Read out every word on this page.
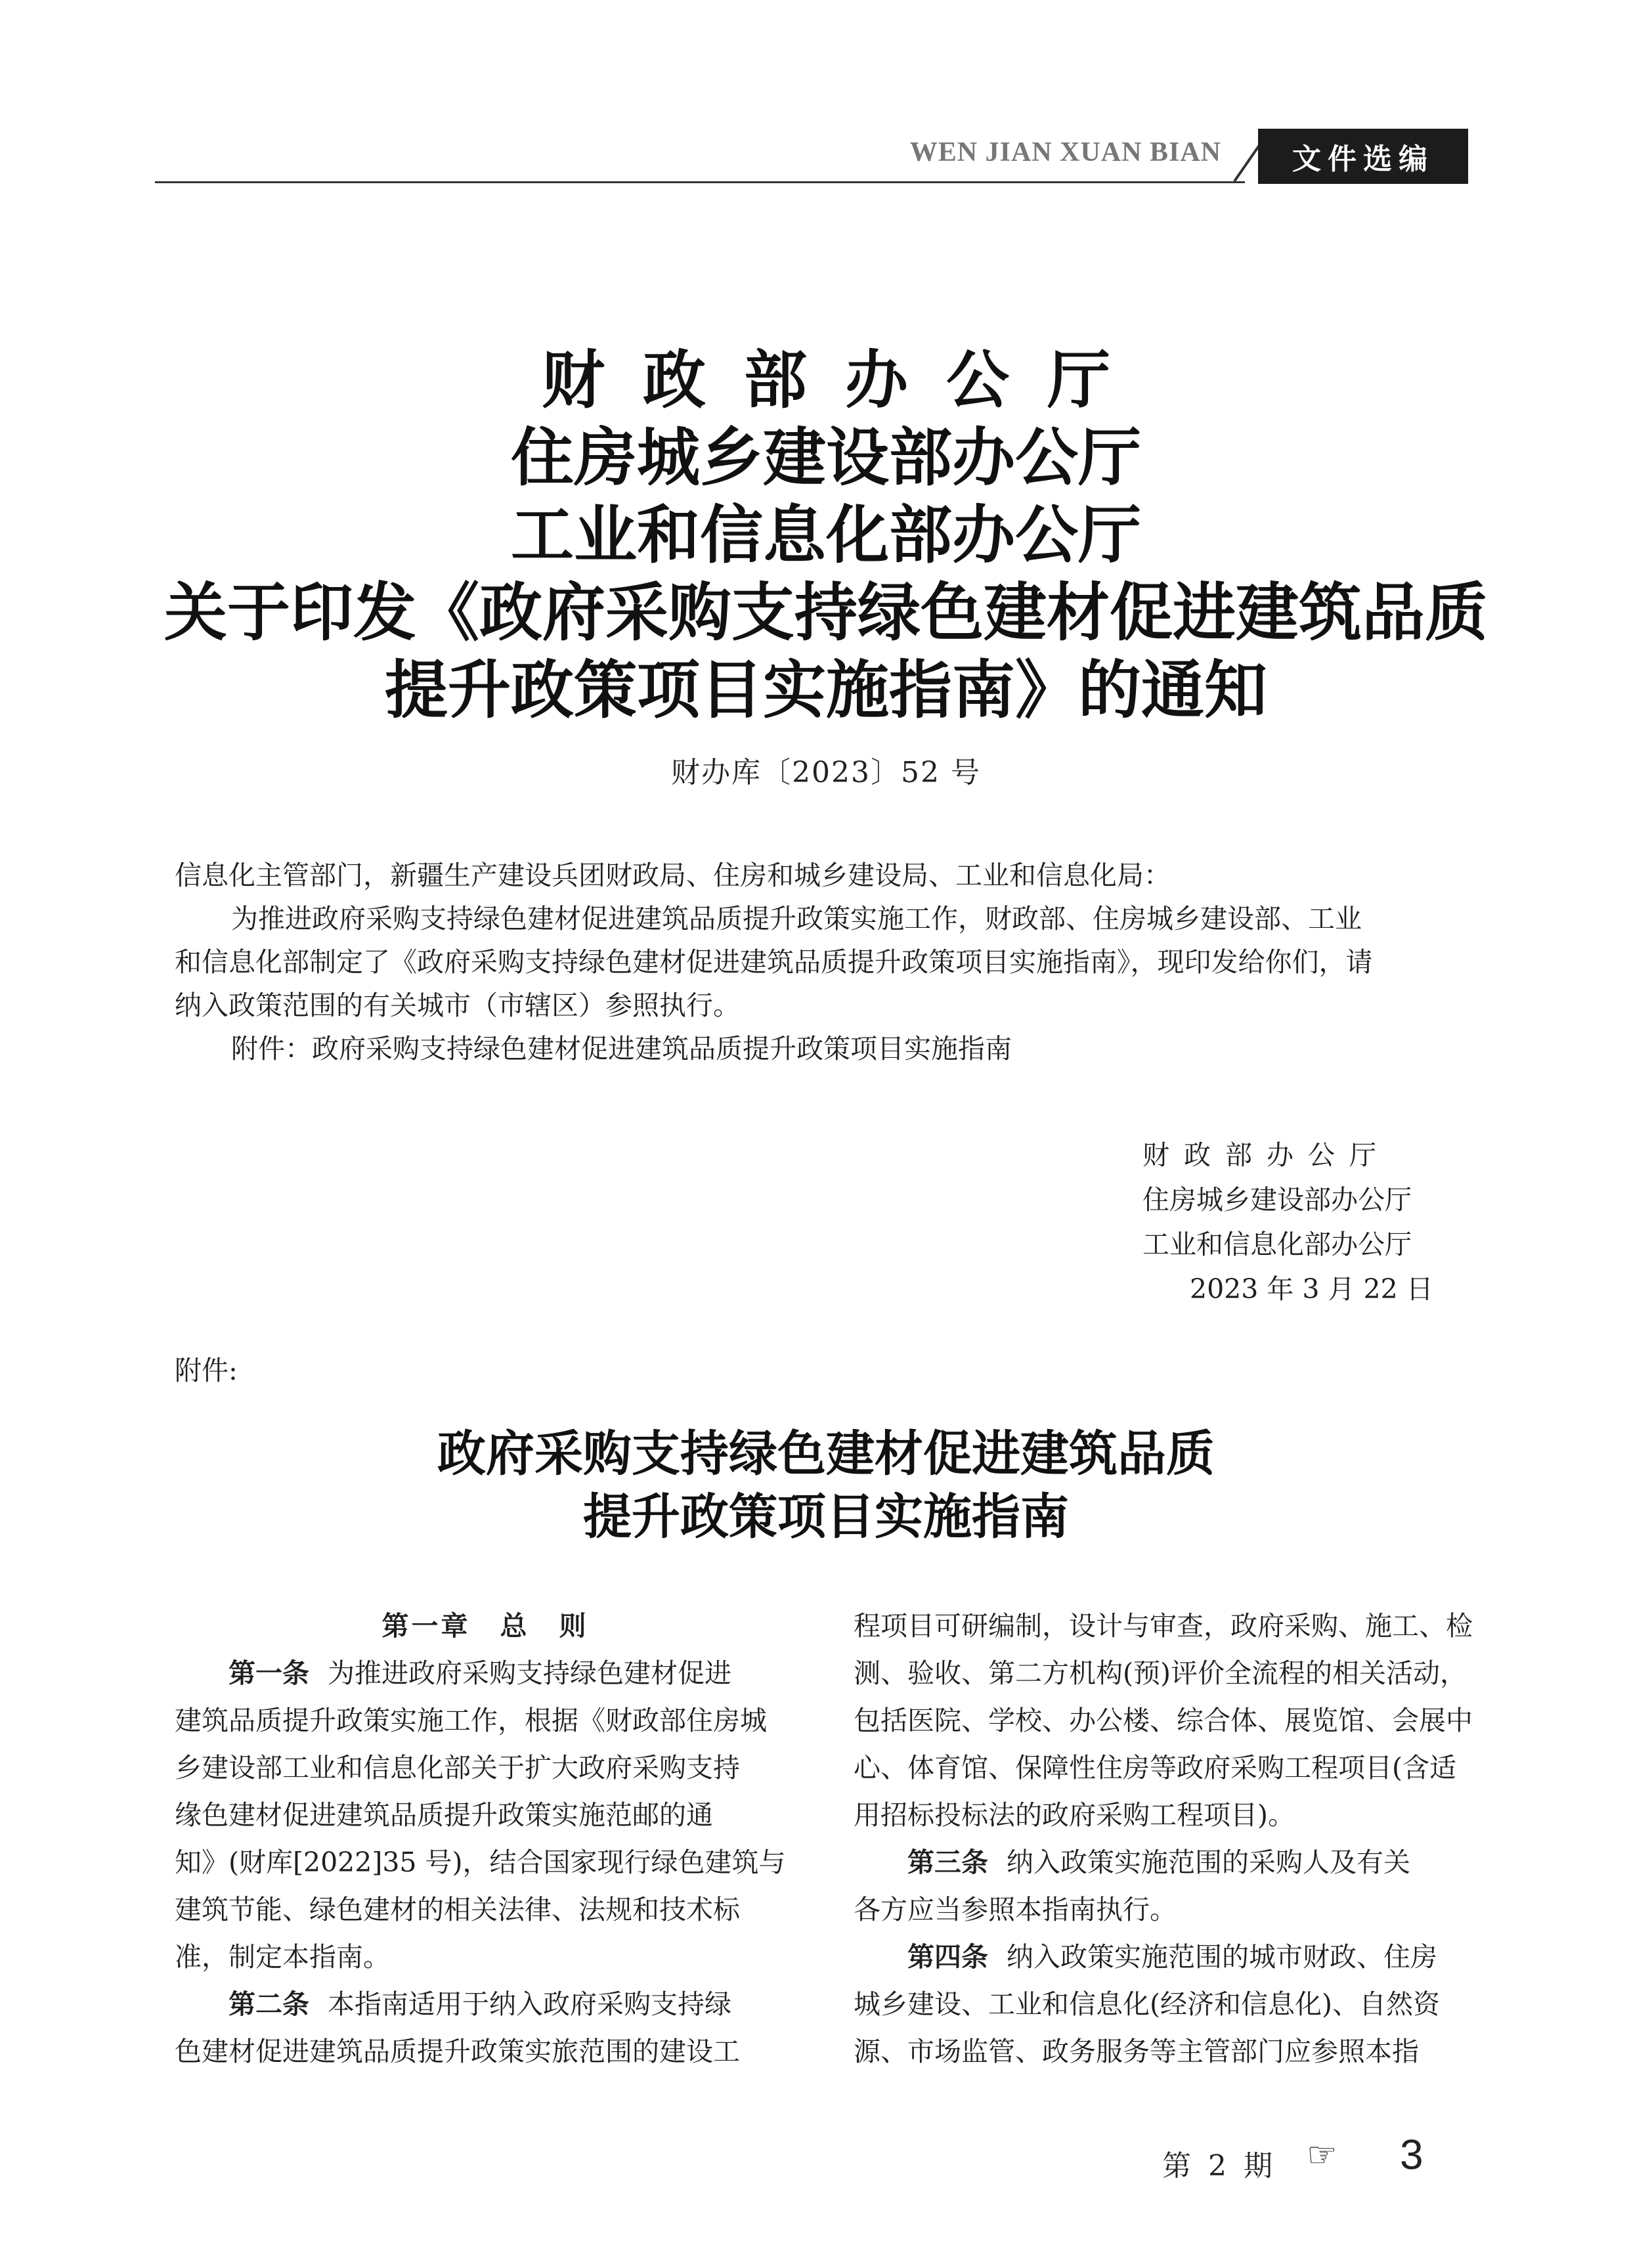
WEN JIAN XUAN BIAN	文件选编
财政部办公厅
住房城乡建设部办公厅
工业和信息化部办公厅
关于印发《政府采购支持绿色建材促进建筑品质
提升政策项目实施指南》的通知
财办库〔2023〕52 号
信息化主管部门，新疆生产建设兵团财政局、住房和城乡建设局、工业和信息化局：
为推进政府采购支持绿色建材促进建筑品质提升政策实施工作，财政部、住房城乡建设部、工业
和信息化部制定了《政府采购支持绿色建材促进建筑品质提升政策项目实施指南》，现印发给你们，请
纳入政策范围的有关城市（市辖区）参照执行。
附件：政府采购支持绿色建材促进建筑品质提升政策项目实施指南
财政部办公厅
住房城乡建设部办公厅
工业和信息化部办公厅
2023 年 3 月 22 日
附件:
政府采购支持绿色建材促进建筑品质
提升政策项目实施指南
第一章　总　则
第一条 为推进政府采购支持绿色建材促进
建筑品质提升政策实施工作，根据《财政部住房城
乡建设部工业和信息化部关于扩大政府采购支持
缘色建材促进建筑品质提升政策实施范邮的通
知》(财库[2022]35 号)，结合国家现行绿色建筑与
建筑节能、绿色建材的相关法律、法规和技术标
准，制定本指南。
第二条 本指南适用于纳入政府采购支持绿
色建材促进建筑品质提升政策实旅范围的建设工
程项目可研编制，设计与审查，政府采购、施工、检
测、验收、第二方机构(预)评价全流程的相关活动，
包括医院、学校、办公楼、综合体、展览馆、会展中
心、体育馆、保障性住房等政府采购工程项目(含适
用招标投标法的政府采购工程项目)。
第三条 纳入政策实施范围的采购人及有关
各方应当参照本指南执行。
第四条 纳入政策实施范围的城市财政、住房
城乡建设、工业和信息化(经济和信息化)、自然资
源、市场监管、政务服务等主管部门应参照本指
第 2 期 ☞ 3
